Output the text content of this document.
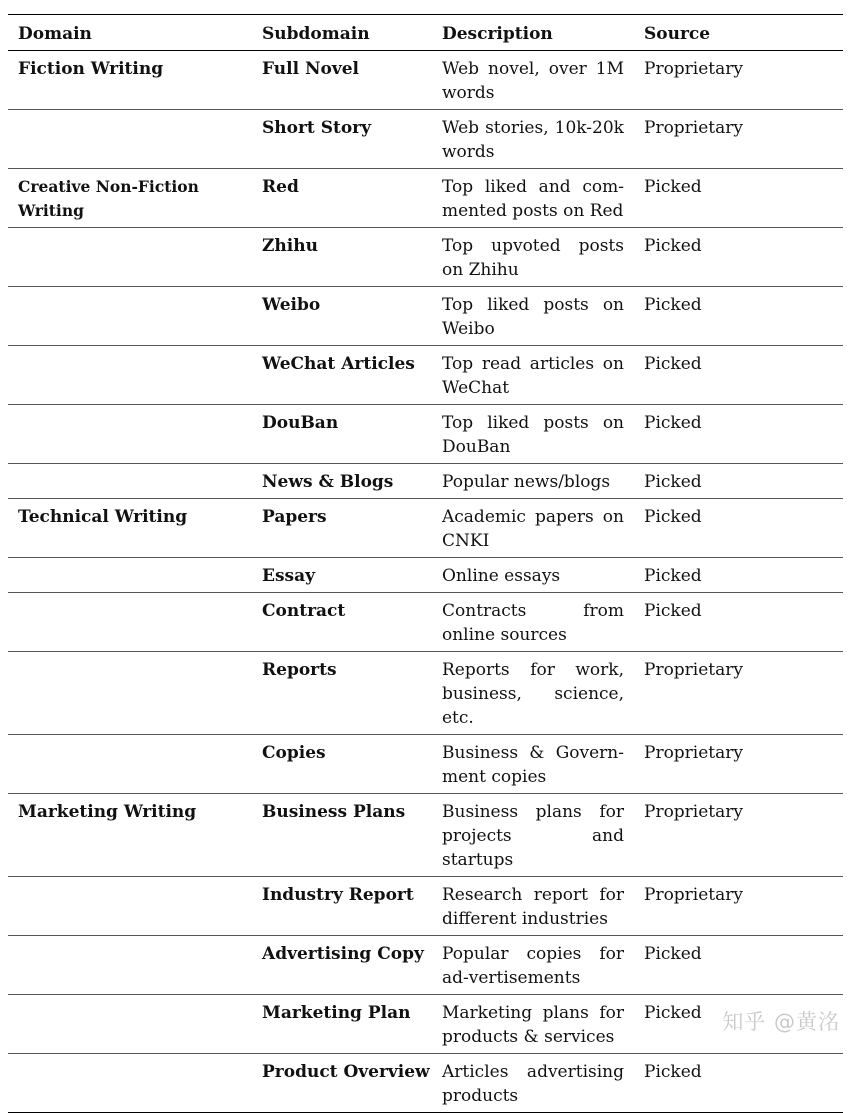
Domain	Subdomain	Description	Source
Fiction Writing	Full Novel	Web novel, over 1M words	Proprietary
	Short Story	Web stories, 10k-20k words	Proprietary
Creative Non-Fiction Writing	Red	Top liked and com-mented posts on Red	Picked
	Zhihu	Top upvoted posts on Zhihu	Picked
	Weibo	Top liked posts on Weibo	Picked
	WeChat Articles	Top read articles on WeChat	Picked
	DouBan	Top liked posts on DouBan	Picked
	News & Blogs	Popular news/blogs	Picked
Technical Writing	Papers	Academic papers on CNKI	Picked
	Essay	Online essays	Picked
	Contract	Contracts from online sources	Picked
	Reports	Reports for work, business, science, etc.	Proprietary
	Copies	Business & Govern-ment copies	Proprietary
Marketing Writing	Business Plans	Business plans for projects and startups	Proprietary
	Industry Report	Research report for different industries	Proprietary
	Advertising Copy	Popular copies for ad-vertisements	Picked
	Marketing Plan	Marketing plans for products & services	Picked
	Product Overview	Articles advertising products	Picked
知乎 @黄洺
